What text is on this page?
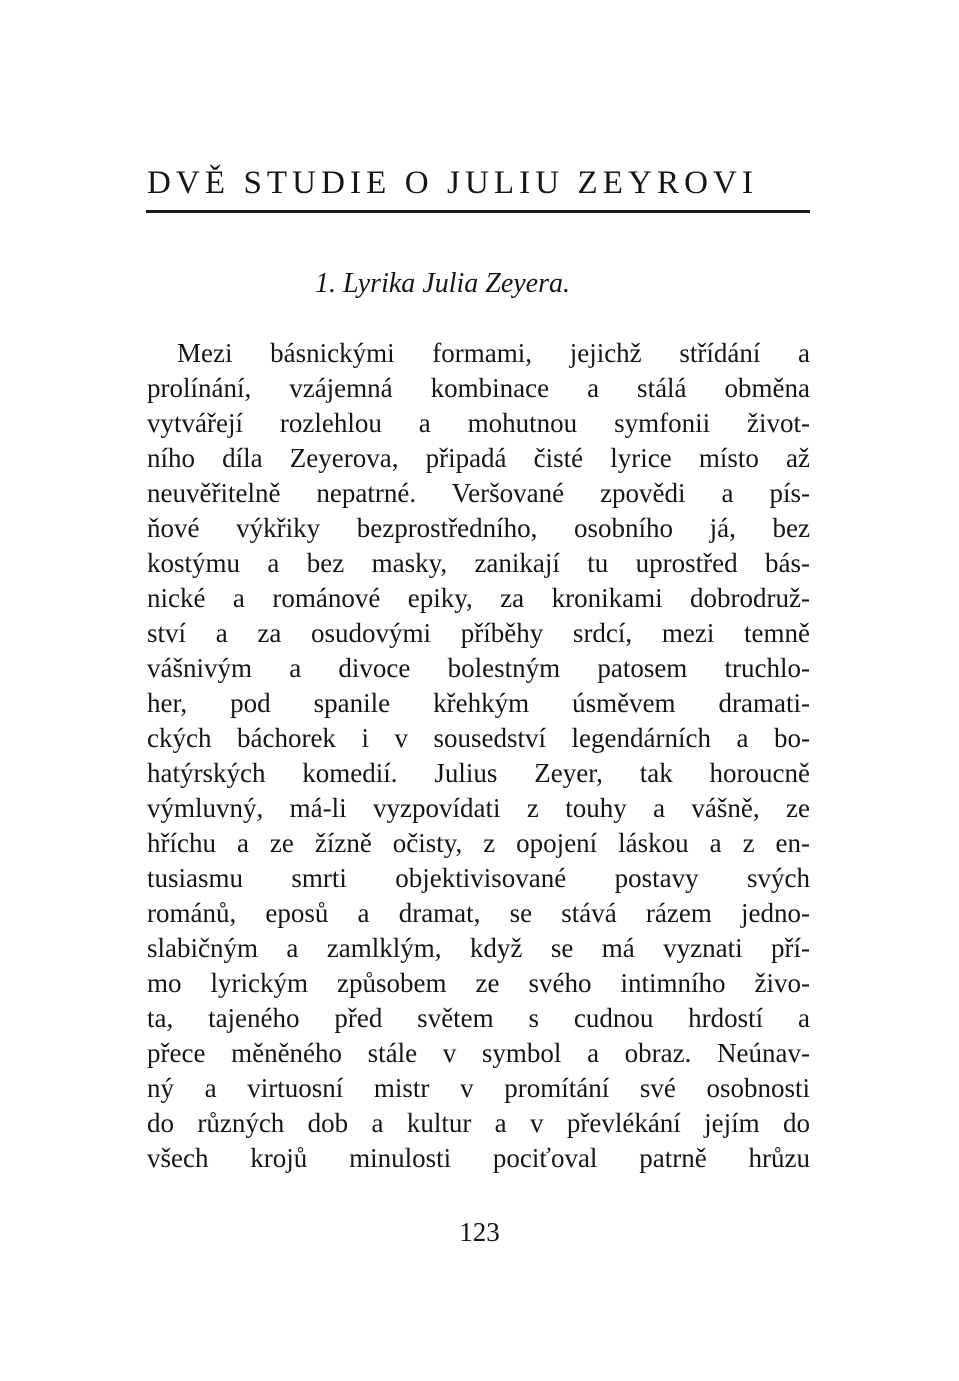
DVĚ STUDIE O JULIU ZEYROVI
1. Lyrika Julia Zeyera.
Mezi básnickými formami, jejichž střídání a
prolínání, vzájemná kombinace a stálá obměna
vytvářejí rozlehlou a mohutnou symfonii život-
ního díla Zeyerova, připadá čisté lyrice místo až
neuvěřitelně nepatrné. Veršované zpovědi a pís-
ňové výkřiky bezprostředního, osobního já, bez
kostýmu a bez masky, zanikají tu uprostřed bás-
nické a románové epiky, za kronikami dobrodruž-
ství a za osudovými příběhy srdcí, mezi temně
vášnivým a divoce bolestným patosem truchlo-
her, pod spanile křehkým úsměvem dramati-
ckých báchorek i v sousedství legendárních a bo-
hatýrských komedií. Julius Zeyer, tak horoucně
výmluvný, má-li vyzpovídati z touhy a vášně, ze
hříchu a ze žízně očisty, z opojení láskou a z en-
tusiasmu smrti objektivisované postavy svých
románů, eposů a dramat, se stává rázem jedno-
slabičným a zamlklým, když se má vyznati pří-
mo lyrickým způsobem ze svého intimního živo-
ta, tajeného před světem s cudnou hrdostí a
přece měněného stále v symbol a obraz. Neúnav-
ný a virtuosní mistr v promítání své osobnosti
do různých dob a kultur a v převlékání jejím do
všech krojů minulosti pociťoval patrně hrůzu
123
